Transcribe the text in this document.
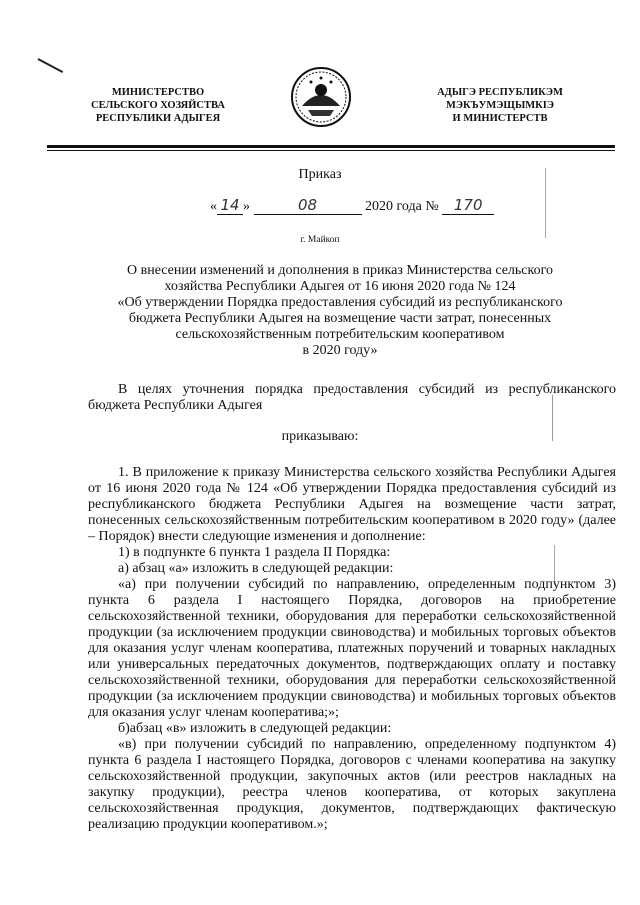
МИНИСТЕРСТВО
СЕЛЬСКОГО ХОЗЯЙСТВА
РЕСПУБЛИКИ АДЫГЕЯ
АДЫГЭ РЕСПУБЛИКЭМ
МЭКЪУМЭЩЫМКІЭ
И МИНИСТЕРСТВ
Приказ
« 14 »	08	2020 года № 170
г. Майкоп
О внесении изменений и дополнения в приказ Министерства сельского
хозяйства Республики Адыгея от 16 июня 2020 года № 124
«Об утверждении Порядка предоставления субсидий из республиканского
бюджета Республики Адыгея на возмещение части затрат, понесенных
сельскохозяйственным потребительским кооперативом
в 2020 году»

В целях уточнения порядка предоставления субсидий из республиканского бюджета Республики Адыгея

приказываю:

1. В приложение к приказу Министерства сельского хозяйства Республики Адыгея от 16 июня 2020 года № 124 «Об утверждении Порядка предоставления субсидий из республиканского бюджета Республики Адыгея на возмещение части затрат, понесенных сельскохозяйственным потребительским кооперативом в 2020 году» (далее – Порядок) внести следующие изменения и дополнение:

1) в подпункте 6 пункта 1 раздела II Порядка:

а) абзац «а» изложить в следующей редакции:

«а) при получении субсидий по направлению, определенным подпунктом 3) пункта 6 раздела I настоящего Порядка, договоров на приобретение сельскохозяйственной техники, оборудования для переработки сельскохозяйственной продукции (за исключением продукции свиноводства) и мобильных торговых объектов для оказания услуг членам кооператива, платежных поручений и товарных накладных или универсальных передаточных документов, подтверждающих оплату и поставку сельскохозяйственной техники, оборудования для переработки сельскохозяйственной продукции (за исключением продукции свиноводства) и мобильных торговых объектов для оказания услуг членам кооператива;»;

б)абзац «в» изложить в следующей редакции:

«в) при получении субсидий по направлению, определенному подпунктом 4) пункта 6 раздела I настоящего Порядка, договоров с членами кооператива на закупку сельскохозяйственной продукции, закупочных актов (или реестров накладных на закупку продукции), реестра членов кооператива, от которых закуплена сельскохозяйственная продукция, документов, подтверждающих фактическую реализацию продукции кооперативом.»;
